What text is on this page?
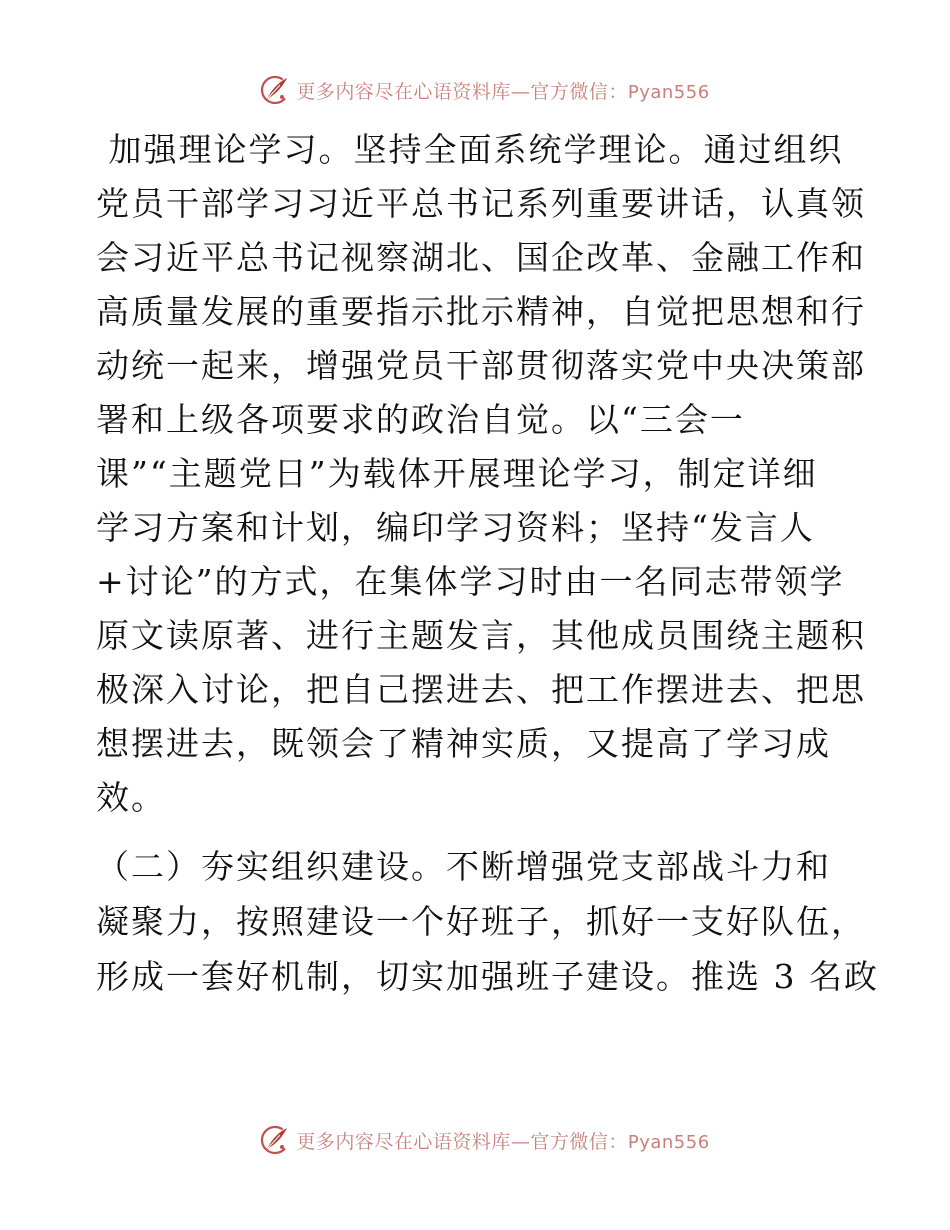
更多内容尽在心语资料库—官方微信：Pyan556
加强理论学习。坚持全面系统学理论。通过组织
党员干部学习习近平总书记系列重要讲话，认真领
会习近平总书记视察湖北、国企改革、金融工作和
高质量发展的重要指示批示精神，自觉把思想和行
动统一起来，增强党员干部贯彻落实党中央决策部
署和上级各项要求的政治自觉。以“三会一
课”“主题党日”为载体开展理论学习，制定详细
学习方案和计划，编印学习资料；坚持“发言人
+讨论”的方式，在集体学习时由一名同志带领学
原文读原著、进行主题发言，其他成员围绕主题积
极深入讨论，把自己摆进去、把工作摆进去、把思
想摆进去，既领会了精神实质，又提高了学习成
效。
（二）夯实组织建设。不断增强党支部战斗力和
凝聚力，按照建设一个好班子，抓好一支好队伍，
形成一套好机制，切实加强班子建设。推选 3 名政
更多内容尽在心语资料库—官方微信：Pyan556
